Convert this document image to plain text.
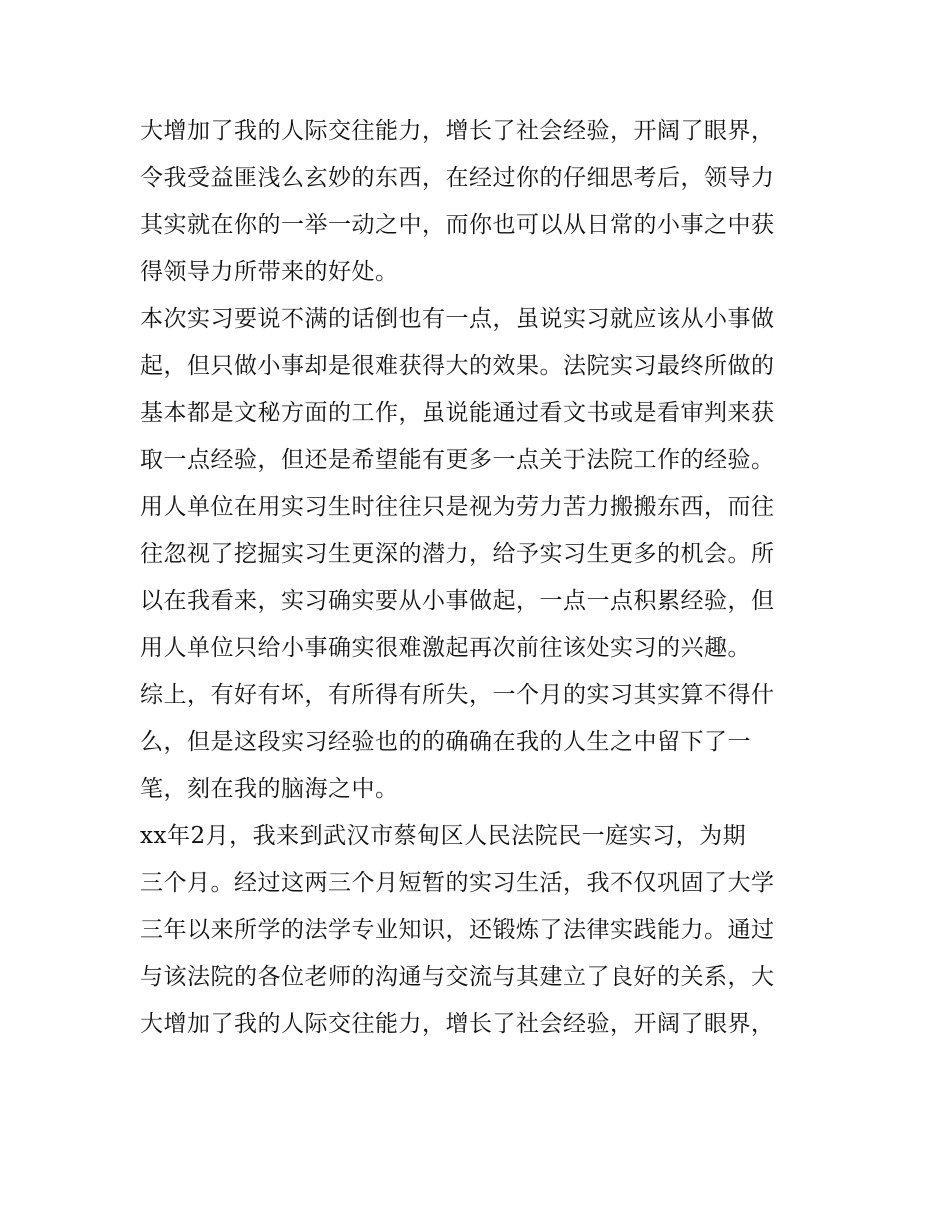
大增加了我的人际交往能力，增长了社会经验，开阔了眼界，
令我受益匪浅么玄妙的东西，在经过你的仔细思考后，领导力
其实就在你的一举一动之中，而你也可以从日常的小事之中获
得领导力所带来的好处。
本次实习要说不满的话倒也有一点，虽说实习就应该从小事做
起，但只做小事却是很难获得大的效果。法院实习最终所做的
基本都是文秘方面的工作，虽说能通过看文书或是看审判来获
取一点经验，但还是希望能有更多一点关于法院工作的经验。
用人单位在用实习生时往往只是视为劳力苦力搬搬东西，而往
往忽视了挖掘实习生更深的潜力，给予实习生更多的机会。所
以在我看来，实习确实要从小事做起，一点一点积累经验，但
用人单位只给小事确实很难激起再次前往该处实习的兴趣。
综上，有好有坏，有所得有所失，一个月的实习其实算不得什
么，但是这段实习经验也的的确确在我的人生之中留下了一
笔，刻在我的脑海之中。
xx年2月，我来到武汉市蔡甸区人民法院民一庭实习，为期
三个月。经过这两三个月短暂的实习生活，我不仅巩固了大学
三年以来所学的法学专业知识，还锻炼了法律实践能力。通过
与该法院的各位老师的沟通与交流与其建立了良好的关系，大
大增加了我的人际交往能力，增长了社会经验，开阔了眼界，
